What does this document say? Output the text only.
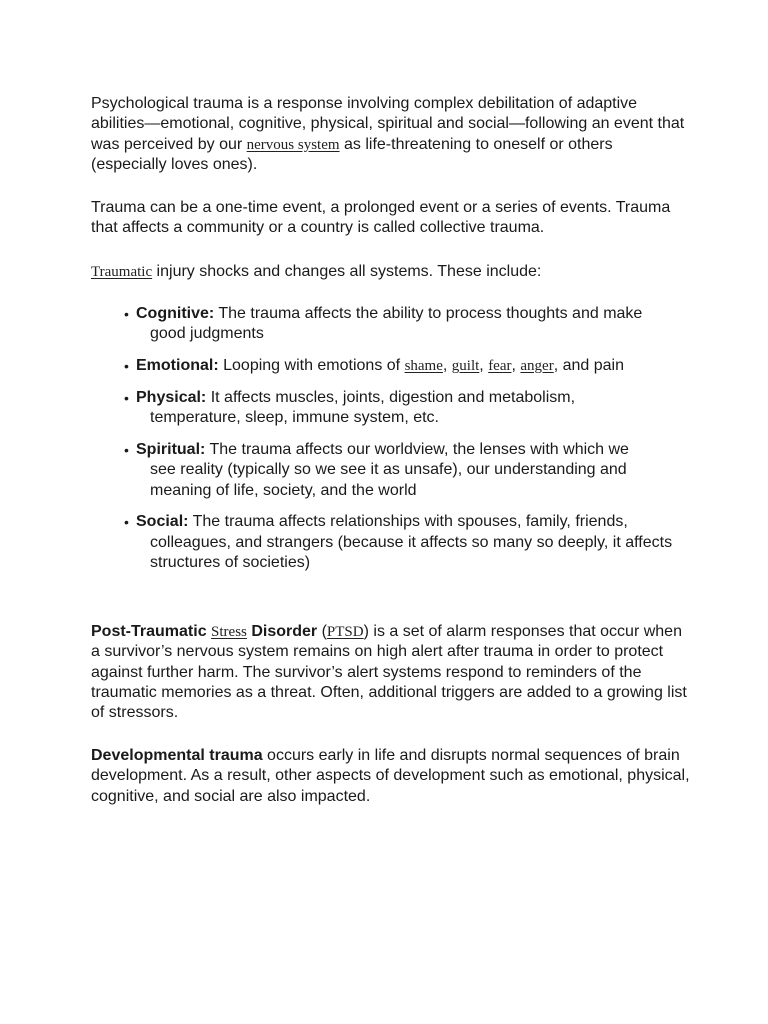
Psychological trauma is a response involving complex debilitation of adaptive abilities—emotional, cognitive, physical, spiritual and social—following an event that was perceived by our nervous system as life-threatening to oneself or others (especially loves ones).

Trauma can be a one-time event, a prolonged event or a series of events. Trauma that affects a community or a country is called collective trauma.

Traumatic injury shocks and changes all systems. These include:

• Cognitive: The trauma affects the ability to process thoughts and make
good judgments
• Emotional: Looping with emotions of shame, guilt, fear, anger, and pain
• Physical: It affects muscles, joints, digestion and metabolism,
temperature, sleep, immune system, etc.
• Spiritual: The trauma affects our worldview, the lenses with which we
see reality (typically so we see it as unsafe), our understanding and meaning of life, society, and the world
• Social: The trauma affects relationships with spouses, family, friends,
colleagues, and strangers (because it affects so many so deeply, it affects structures of societies)

Post-Traumatic Stress Disorder (PTSD) is a set of alarm responses that occur when a survivor’s nervous system remains on high alert after trauma in order to protect against further harm. The survivor’s alert systems respond to reminders of the traumatic memories as a threat. Often, additional triggers are added to a growing list of stressors.

Developmental trauma occurs early in life and disrupts normal sequences of brain development. As a result, other aspects of development such as emotional, physical, cognitive, and social are also impacted.
